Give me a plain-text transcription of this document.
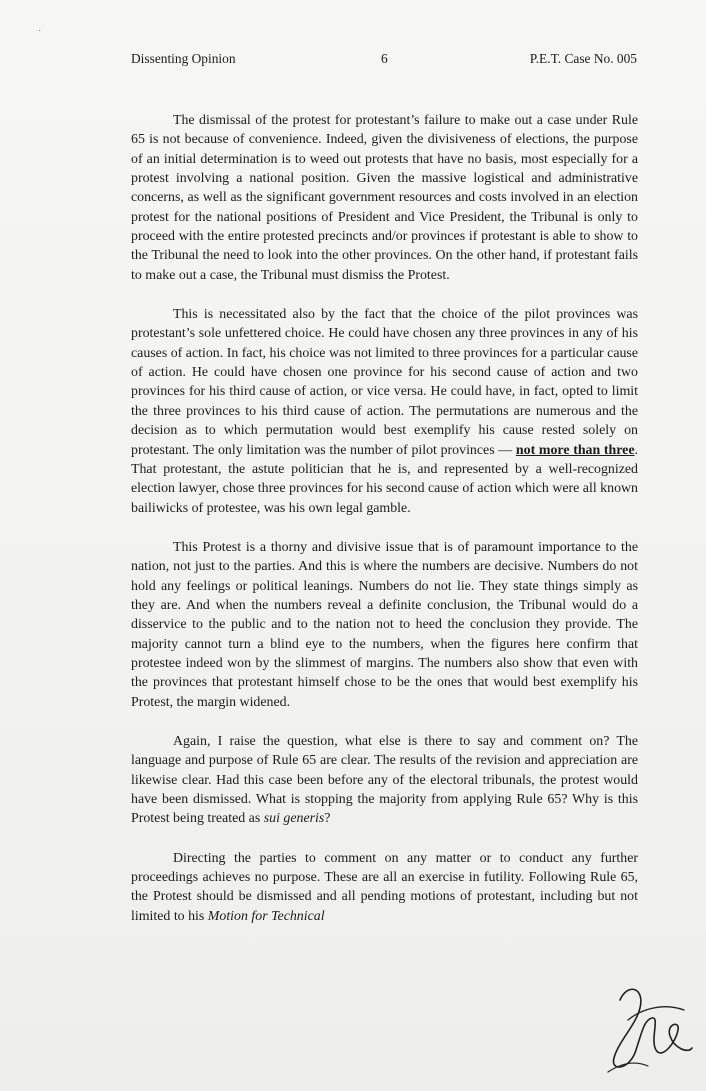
·
Dissenting Opinion	6	P.E.T. Case No. 005

The dismissal of the protest for protestant’s failure to make out a case under Rule 65 is not because of convenience. Indeed, given the divisiveness of elections, the purpose of an initial determination is to weed out protests that have no basis, most especially for a protest involving a national position. Given the massive logistical and administrative concerns, as well as the significant government resources and costs involved in an election protest for the national positions of President and Vice President, the Tribunal is only to proceed with the entire protested precincts and/or provinces if protestant is able to show to the Tribunal the need to look into the other provinces. On the other hand, if protestant fails to make out a case, the Tribunal must dismiss the Protest.

This is necessitated also by the fact that the choice of the pilot provinces was protestant’s sole unfettered choice. He could have chosen any three provinces in any of his causes of action. In fact, his choice was not limited to three provinces for a particular cause of action. He could have chosen one province for his second cause of action and two provinces for his third cause of action, or vice versa. He could have, in fact, opted to limit the three provinces to his third cause of action. The permutations are numerous and the decision as to which permutation would best exemplify his cause rested solely on protestant. The only limitation was the number of pilot provinces — not more than three. That protestant, the astute politician that he is, and represented by a well-recognized election lawyer, chose three provinces for his second cause of action which were all known bailiwicks of protestee, was his own legal gamble.

This Protest is a thorny and divisive issue that is of paramount importance to the nation, not just to the parties. And this is where the numbers are decisive. Numbers do not hold any feelings or political leanings. Numbers do not lie. They state things simply as they are. And when the numbers reveal a definite conclusion, the Tribunal would do a disservice to the public and to the nation not to heed the conclusion they provide. The majority cannot turn a blind eye to the numbers, when the figures here confirm that protestee indeed won by the slimmest of margins. The numbers also show that even with the provinces that protestant himself chose to be the ones that would best exemplify his Protest, the margin widened.

Again, I raise the question, what else is there to say and comment on? The language and purpose of Rule 65 are clear. The results of the revision and appreciation are likewise clear. Had this case been before any of the electoral tribunals, the protest would have been dismissed. What is stopping the majority from applying Rule 65? Why is this Protest being treated as sui generis?

Directing the parties to comment on any matter or to conduct any further proceedings achieves no purpose. These are all an exercise in futility. Following Rule 65, the Protest should be dismissed and all pending motions of protestant, including but not limited to his Motion for Technical
